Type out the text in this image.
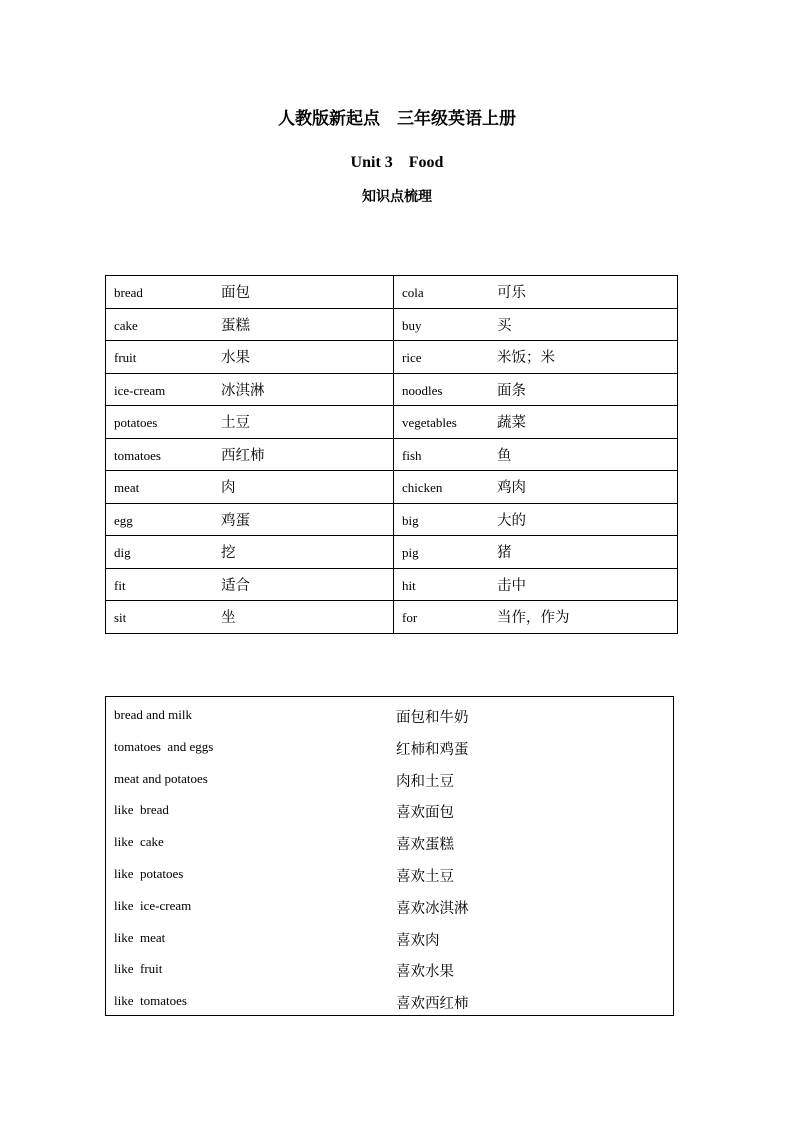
人教版新起点　三年级英语上册
Unit 3　Food
知识点梳理
bread 面包	cola 可乐
cake 蛋糕	buy 买
fruit 水果	rice 米饭；米
ice-cream 冰淇淋	noodles 面条
potatoes 土豆	vegetables 蔬菜
tomatoes 西红柿	fish 鱼
meat 肉	chicken 鸡肉
egg 鸡蛋	big 大的
dig 挖	pig 猪
fit 适合	hit 击中
sit 坐	for 当作，作为
bread and milk	面包和牛奶
tomatoes  and eggs	红柿和鸡蛋
meat and potatoes	肉和土豆
like  bread	喜欢面包
like  cake	喜欢蛋糕
like  potatoes	喜欢土豆
like  ice-cream	喜欢冰淇淋
like  meat	喜欢肉
like  fruit	喜欢水果
like  tomatoes	喜欢西红柿
